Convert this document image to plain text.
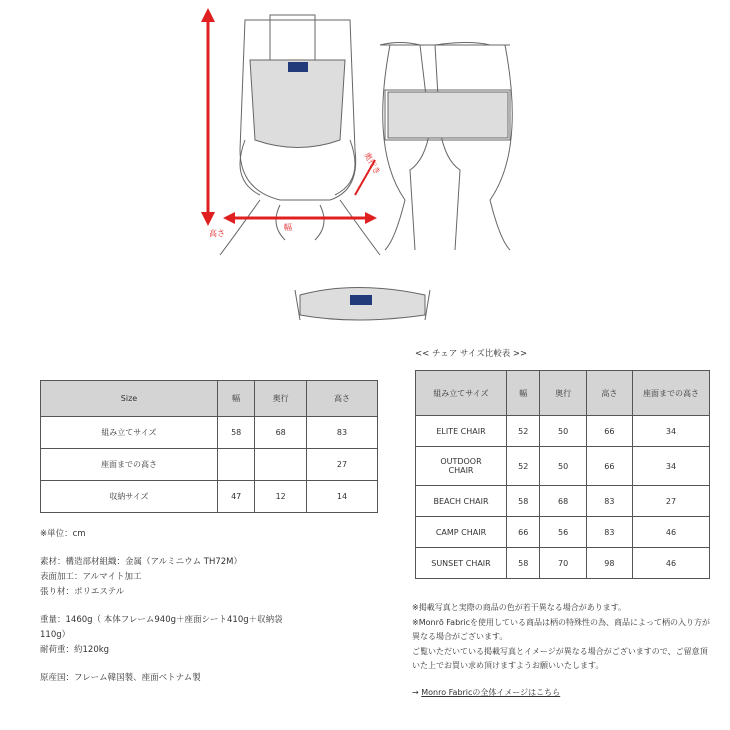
高さ
幅
奥行き
Size	幅	奥行	高さ
組み立てサイズ	58	68	83
座面までの高さ			27
収納サイズ	47	12	14
※単位：cm
素材：構造部材組織：金属（アルミニウム TH72M）
表面加工：アルマイト加工
張り材：ポリエステル
重量：1460g（ 本体フレーム940g＋座面シート410g＋収納袋
110g）
耐荷重：約120kg
原産国：フレーム韓国製、座面ベトナム製
<< チェア サイズ比較表 >>
組み立てサイズ	幅	奥行	高さ	座面までの高さ
ELITE CHAIR	52	50	66	34
OUTDOOR CHAIR	52	50	66	34
BEACH CHAIR	58	68	83	27
CAMP CHAIR	66	56	83	46
SUNSET CHAIR	58	70	98	46
※掲載写真と実際の商品の色が若干異なる場合があります。
※Monrō Fabricを使用している商品は柄の特殊性の為、商品によって柄の入り方が異なる場合がございます。
ご覧いただいている掲載写真とイメージが異なる場合がございますので、ご留意頂いた上でお買い求め頂けますようお願いいたします。
→ Monro Fabricの全体イメージはこちら
